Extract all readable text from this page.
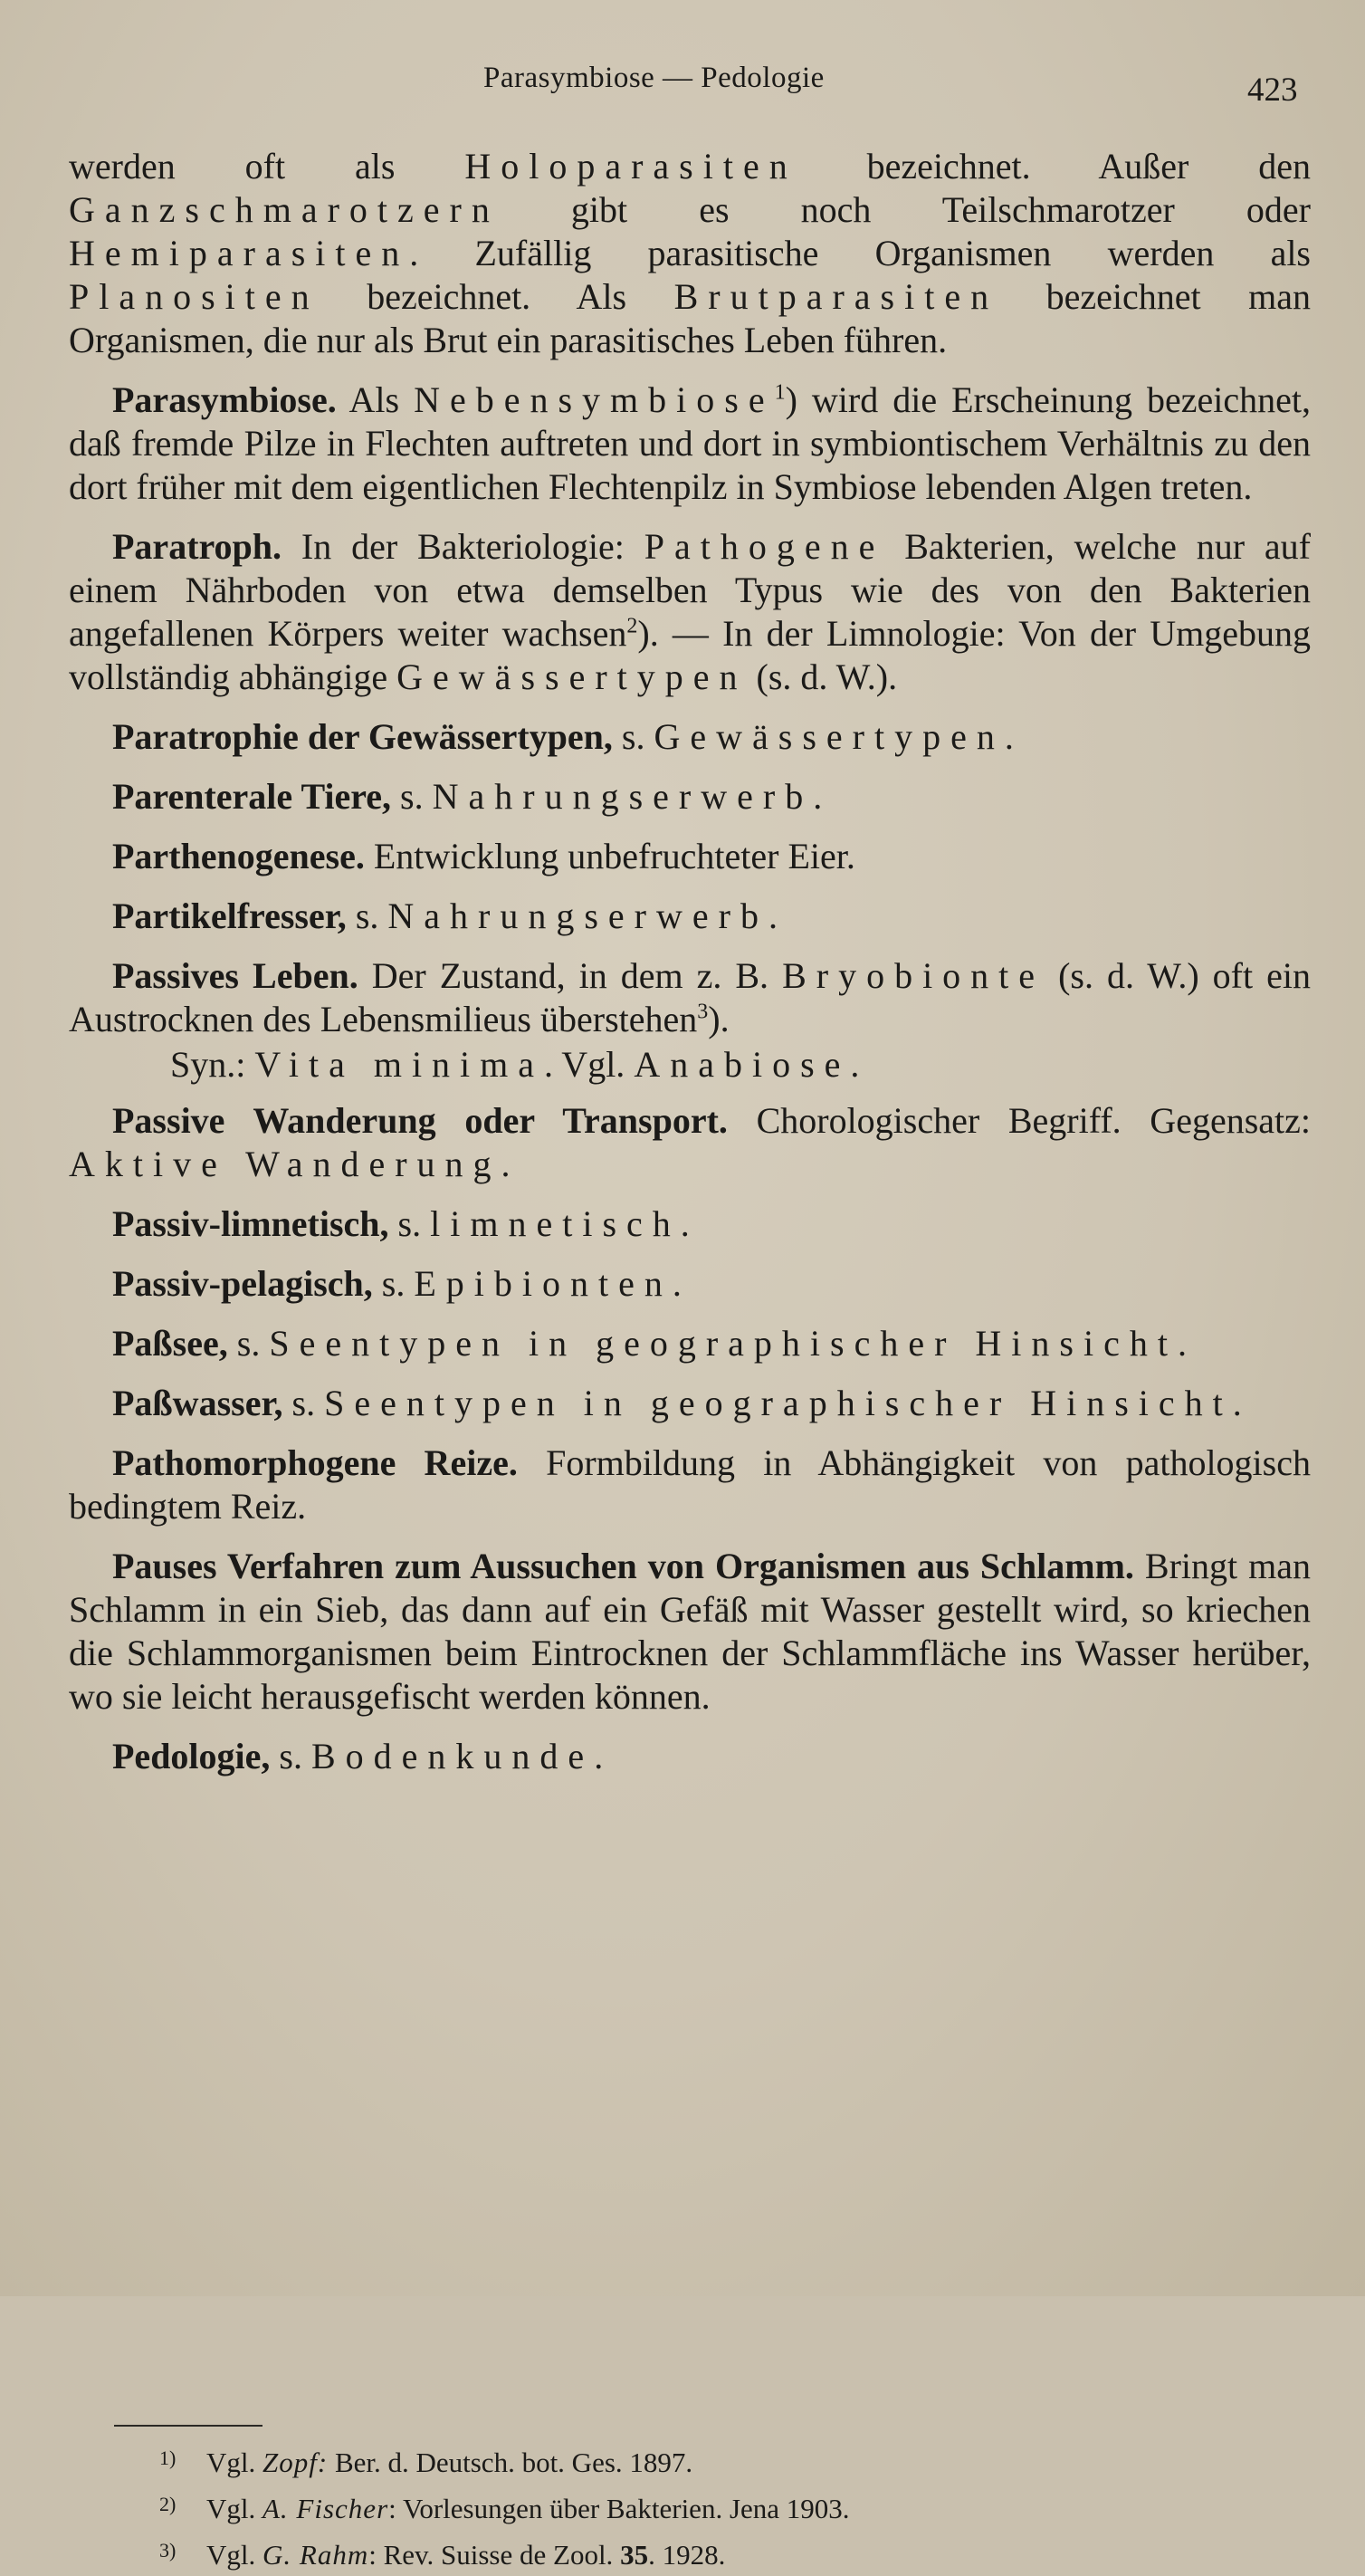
Parasymbiose — Pedologie	423

werden oft als Holoparasiten bezeichnet. Außer den Ganzschmarotzern gibt es noch Teilschmarotzer oder Hemiparasiten. Zufällig parasitische Organismen werden als Planositen bezeichnet. Als Brutparasiten bezeichnet man Organismen, die nur als Brut ein parasitisches Leben führen.

Parasymbiose. Als Nebensymbiose$^1$) wird die Erscheinung bezeichnet, daß fremde Pilze in Flechten auftreten und dort in symbiontischem Verhältnis zu den dort früher mit dem eigentlichen Flechtenpilz in Symbiose lebenden Algen treten.

Paratroph. In der Bakteriologie: Pathogene Bakterien, welche nur auf einem Nährboden von etwa demselben Typus wie des von den Bakterien angefallenen Körpers weiter wachsen$^2$). — In der Limnologie: Von der Umgebung vollständig abhängige Gewässertypen (s. d. W.).

Paratrophie der Gewässertypen, s. Gewässertypen.

Parenterale Tiere, s. Nahrungserwerb.

Parthenogenese. Entwicklung unbefruchteter Eier.

Partikelfresser, s. Nahrungserwerb.

Passives Leben. Der Zustand, in dem z. B. Bryobionte (s. d. W.) oft ein Austrocknen des Lebensmilieus überstehen$^3$).

Syn.: Vita minima. Vgl. Anabiose.

Passive Wanderung oder Transport. Chorologischer Begriff. Gegensatz: Aktive Wanderung.

Passiv-limnetisch, s. limnetisch.

Passiv-pelagisch, s. Epibionten.

Paßsee, s. Seentypen in geographischer Hinsicht.

Paßwasser, s. Seentypen in geographischer Hinsicht.

Pathomorphogene Reize. Formbildung in Abhängigkeit von pathologisch bedingtem Reiz.

Pauses Verfahren zum Aussuchen von Organismen aus Schlamm. Bringt man Schlamm in ein Sieb, das dann auf ein Gefäß mit Wasser gestellt wird, so kriechen die Schlammorganismen beim Eintrocknen der Schlammfläche ins Wasser herüber, wo sie leicht herausgefischt werden können.

Pedologie, s. Bodenkunde.

1) Vgl. Zopf: Ber. d. Deutsch. bot. Ges. 1897.
2) Vgl. A. Fischer: Vorlesungen über Bakterien. Jena 1903.
3) Vgl. G. Rahm: Rev. Suisse de Zool. 35. 1928.
